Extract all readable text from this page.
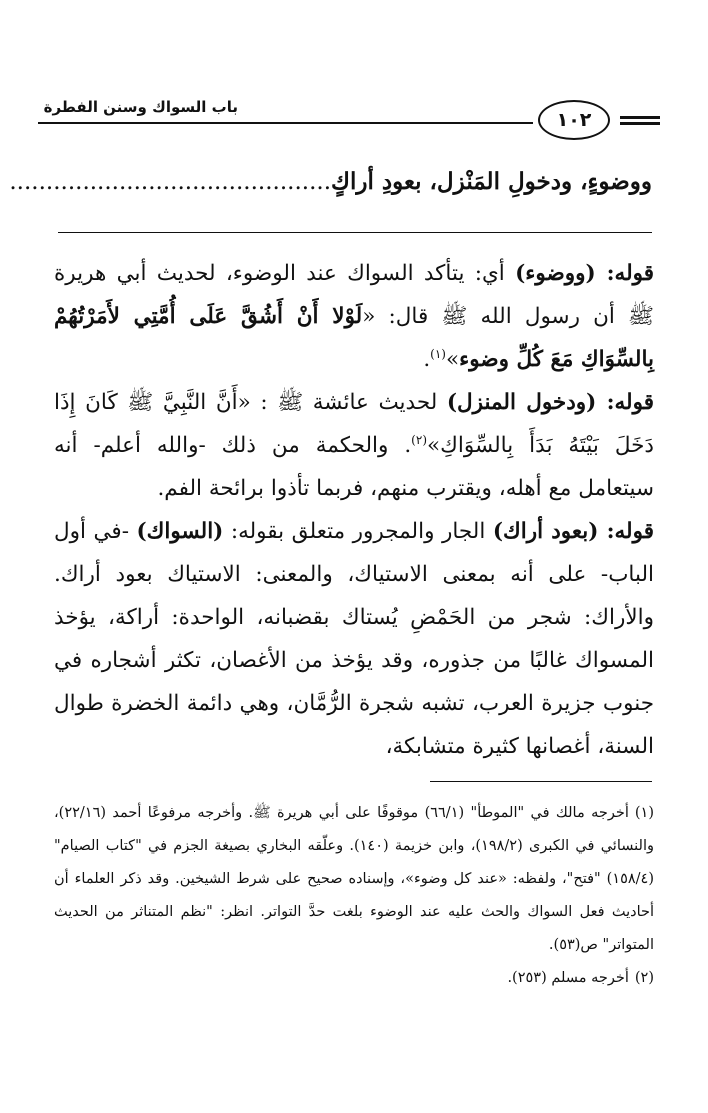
باب السواك وسنن الفطرة
١٠٢
ووضوءٍ، ودخولِ المَنْزل، بعودِ أراكٍ............................................

قوله: (ووضوء) أي: يتأكد السواك عند الوضوء، لحديث أبي هريرة ﷺ أن رسول الله ﷺ قال: «لَوْلا أَنْ أَشُقَّ عَلَى أُمَّتِي لأَمَرْتُهُمْ بِالسِّوَاكِ مَعَ كُلِّ وضوء»$^{(١)}$.

قوله: (ودخول المنزل) لحديث عائشة ﷺ : «أَنَّ النَّبِيَّ ﷺ كَانَ إِذَا دَخَلَ بَيْتَهُ بَدَأَ بِالسِّوَاكِ»$^{(٢)}$. والحكمة من ذلك -والله أعلم- أنه سيتعامل مع أهله، ويقترب منهم، فربما تأذوا برائحة الفم.

قوله: (بعود أراك) الجار والمجرور متعلق بقوله: (السواك) -في أول الباب- على أنه بمعنى الاستياك، والمعنى: الاستياك بعود أراك. والأراك: شجر من الحَمْضِ يُستاك بقضبانه، الواحدة: أراكة، يؤخذ المسواك غالبًا من جذوره، وقد يؤخذ من الأغصان، تكثر أشجاره في جنوب جزيرة العرب، تشبه شجرة الرُّمَّان، وهي دائمة الخضرة طوال السنة، أغصانها كثيرة متشابكة،

(١)أخرجه مالك في "الموطأ" (٦٦/١) موقوفًا على أبي هريرة ﷺ. وأخرجه مرفوعًا أحمد (٢٢/١٦)، والنسائي في الكبرى (١٩٨/٢)، وابن خزيمة (١٤٠). وعلّقه البخاري بصيغة الجزم في "كتاب الصيام" (١٥٨/٤) "فتح"، ولفظه: «عند كل وضوء»، وإسناده صحيح على شرط الشيخين. وقد ذكر العلماء أن أحاديث فعل السواك والحث عليه عند الوضوء بلغت حدَّ التواتر. انظر: "نظم المتناثر من الحديث المتواتر" ص(٥٣).

(٢)أخرجه مسلم (٢٥٣).
